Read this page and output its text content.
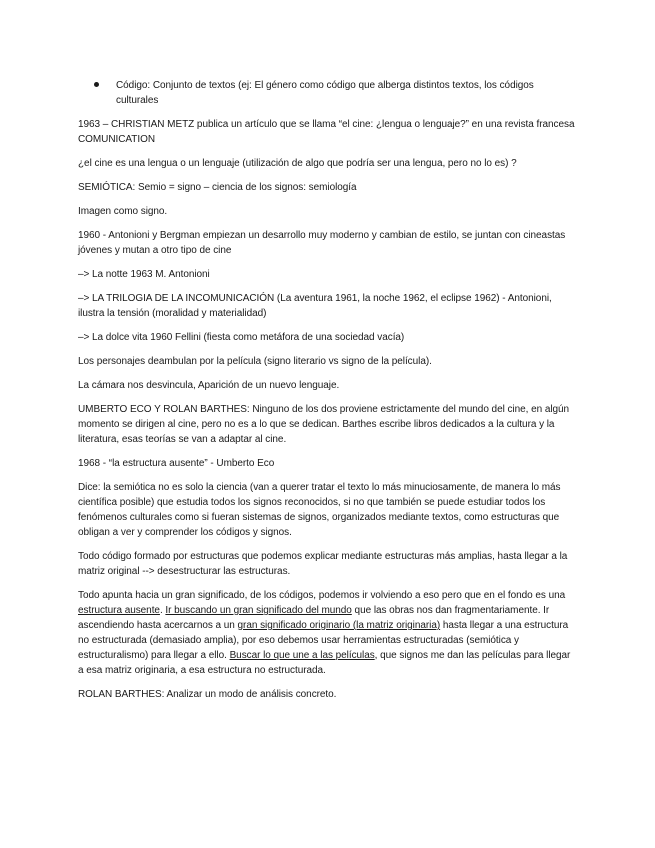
Código: Conjunto de textos (ej: El género como código que alberga distintos textos, los códigos culturales

1963 – CHRISTIAN METZ publica un artículo que se llama “el cine: ¿lengua o lenguaje?” en una revista francesa COMUNICATION

¿el cine es una lengua o un lenguaje (utilización de algo que podría ser una lengua, pero no lo es) ?

SEMIÓTICA: Semio = signo – ciencia de los signos: semiología

Imagen como signo.

1960 - Antonioni y Bergman empiezan un desarrollo muy moderno y cambian de estilo, se juntan con cineastas jóvenes y mutan a otro tipo de cine

–> La notte 1963 M. Antonioni

–> LA TRILOGIA DE LA INCOMUNICACIÓN (La aventura 1961, la noche 1962, el eclipse 1962) - Antonioni, ilustra la tensión (moralidad y materialidad)

–> La dolce vita 1960 Fellini (fiesta como metáfora de una sociedad vacía)

Los personajes deambulan por la película (signo literario vs signo de la película).

La cámara nos desvincula, Aparición de un nuevo lenguaje.

UMBERTO ECO Y ROLAN BARTHES: Ninguno de los dos proviene estrictamente del mundo del cine, en algún momento se dirigen al cine, pero no es a lo que se dedican. Barthes escribe libros dedicados a la cultura y la literatura, esas teorías se van a adaptar al cine.

1968 - “la estructura ausente” - Umberto Eco

Dice: la semiótica no es solo la ciencia (van a querer tratar el texto lo más minuciosamente, de manera lo más científica posible) que estudia todos los signos reconocidos, si no que también se puede estudiar todos los fenómenos culturales como si fueran sistemas de signos, organizados mediante textos, como estructuras que obligan a ver y comprender los códigos y signos.

Todo código formado por estructuras que podemos explicar mediante estructuras más amplias, hasta llegar a la matriz original --> desestructurar las estructuras.

Todo apunta hacia un gran significado, de los códigos, podemos ir volviendo a eso pero que en el fondo es una estructura ausente. Ir buscando un gran significado del mundo que las obras nos dan fragmentariamente. Ir ascendiendo hasta acercarnos a un gran significado originario (la matriz originaria) hasta llegar a una estructura no estructurada (demasiado amplia), por eso debemos usar herramientas estructuradas (semiótica y estructuralismo) para llegar a ello. Buscar lo que une a las películas, que signos me dan las películas para llegar a esa matriz originaria, a esa estructura no estructurada.

ROLAN BARTHES: Analizar un modo de análisis concreto.
